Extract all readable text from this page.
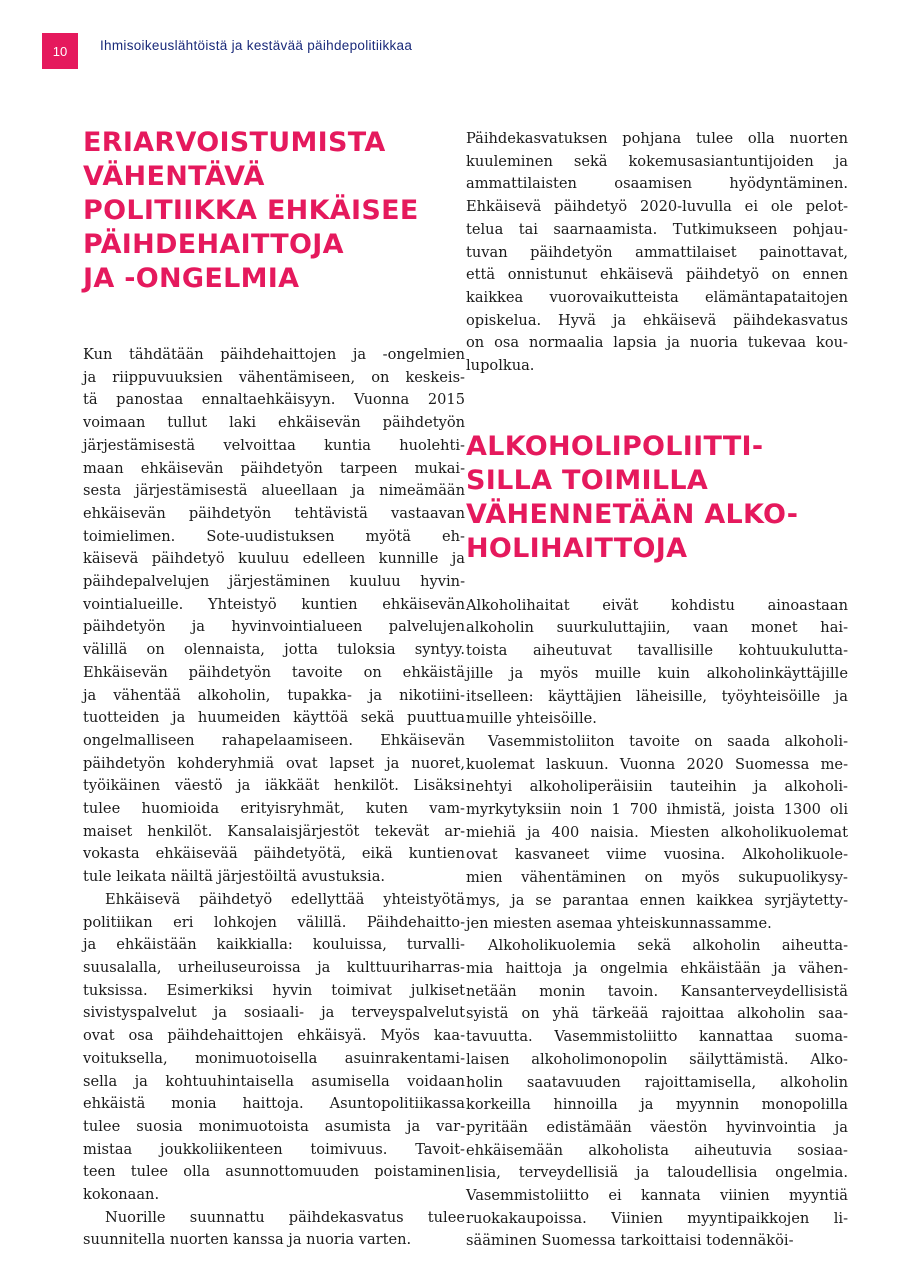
10	Ihmisoikeuslähtöistä ja kestävää päihdepolitiikkaa
ERIARVOISTUMISTA
VÄHENTÄVÄ
POLITIIKKA EHKÄISEE
PÄIHDEHAITTOJA
JA -ONGELMIA

Kun tähdätään päihdehaittojen ja -ongelmien
ja riippuvuuksien vähentämiseen, on keskeis-
tä panostaa ennaltaehkäisyyn. Vuonna 2015
voimaan tullut laki ehkäisevän päihdetyön
järjestämisestä velvoittaa kuntia huolehti-
maan ehkäisevän päihdetyön tarpeen mukai-
sesta järjestämisestä alueellaan ja nimeämään
ehkäisevän päihdetyön tehtävistä vastaavan
toimielimen. Sote-uudistuksen myötä eh-
käisevä päihdetyö kuuluu edelleen kunnille ja
päihdepalvelujen järjestäminen kuuluu hyvin-
vointialueille. Yhteistyö kuntien ehkäisevän
päihdetyön ja hyvinvointialueen palvelujen
välillä on olennaista, jotta tuloksia syntyy.
Ehkäisevän päihdetyön tavoite on ehkäistä
ja vähentää alkoholin, tupakka- ja nikotiini-
tuotteiden ja huumeiden käyttöä sekä puuttua
ongelmalliseen rahapelaamiseen. Ehkäisevän
päihdetyön kohderyhmiä ovat lapset ja nuoret,
työikäinen väestö ja iäkkäät henkilöt. Lisäksi
tulee huomioida erityisryhmät, kuten vam-
maiset henkilöt. Kansalaisjärjestöt tekevät ar-
vokasta ehkäisevää päihdetyötä, eikä kuntien
tule leikata näiltä järjestöiltä avustuksia.

Ehkäisevä päihdetyö edellyttää yhteistyötä
politiikan eri lohkojen välillä. Päihdehaitto-
ja ehkäistään kaikkialla: kouluissa, turvalli-
suusalalla, urheiluseuroissa ja kulttuuriharras-
tuksissa. Esimerkiksi hyvin toimivat julkiset
sivistyspalvelut ja sosiaali- ja terveyspalvelut
ovat osa päihdehaittojen ehkäisyä. Myös kaa-
voituksella, monimuotoisella asuinrakentami-
sella ja kohtuuhintaisella asumisella voidaan
ehkäistä monia haittoja. Asuntopolitiikassa
tulee suosia monimuotoista asumista ja var-
mistaa joukkoliikenteen toimivuus. Tavoit-
teen tulee olla asunnottomuuden poistaminen
kokonaan.

Nuorille suunnattu päihdekasvatus tulee
suunnitella nuorten kanssa ja nuoria varten.

Päihdekasvatuksen pohjana tulee olla nuorten
kuuleminen sekä kokemusasiantuntijoiden ja
ammattilaisten osaamisen hyödyntäminen.
Ehkäisevä päihdetyö 2020-luvulla ei ole pelot-
telua tai saarnaamista. Tutkimukseen pohjau-
tuvan päihdetyön ammattilaiset painottavat,
että onnistunut ehkäisevä päihdetyö on ennen
kaikkea vuorovaikutteista elämäntapataitojen
opiskelua. Hyvä ja ehkäisevä päihdekasvatus
on osa normaalia lapsia ja nuoria tukevaa kou-
lupolkua.

ALKOHOLIPOLIITTI-
SILLA TOIMILLA
VÄHENNETÄÄN ALKO-
HOLIHAITTOJA

Alkoholihaitat eivät kohdistu ainoastaan
alkoholin suurkuluttajiin, vaan monet hai-
toista aiheutuvat tavallisille kohtuukulutta-
jille ja myös muille kuin alkoholinkäyttäjille
itselleen: käyttäjien läheisille, työyhteisöille ja
muille yhteisöille.

Vasemmistoliiton tavoite on saada alkoholi-
kuolemat laskuun. Vuonna 2020 Suomessa me-
nehtyi alkoholiperäisiin tauteihin ja alkoholi-
myrkytyksiin noin 1 700 ihmistä, joista 1300 oli
miehiä ja 400 naisia. Miesten alkoholikuolemat
ovat kasvaneet viime vuosina. Alkoholikuole-
mien vähentäminen on myös sukupuolikysy-
mys, ja se parantaa ennen kaikkea syrjäytetty-
jen miesten asemaa yhteiskunnassamme.

Alkoholikuolemia sekä alkoholin aiheutta-
mia haittoja ja ongelmia ehkäistään ja vähen-
netään monin tavoin. Kansanterveydellisistä
syistä on yhä tärkeää rajoittaa alkoholin saa-
tavuutta. Vasemmistoliitto kannattaa suoma-
laisen alkoholimonopolin säilyttämistä. Alko-
holin saatavuuden rajoittamisella, alkoholin
korkeilla hinnoilla ja myynnin monopolilla
pyritään edistämään väestön hyvinvointia ja
ehkäisemään alkoholista aiheutuvia sosiaa-
lisia, terveydellisiä ja taloudellisia ongelmia.
Vasemmistoliitto ei kannata viinien myyntiä
ruokakaupoissa. Viinien myyntipaikkojen li-
sääminen Suomessa tarkoittaisi todennäköi-
